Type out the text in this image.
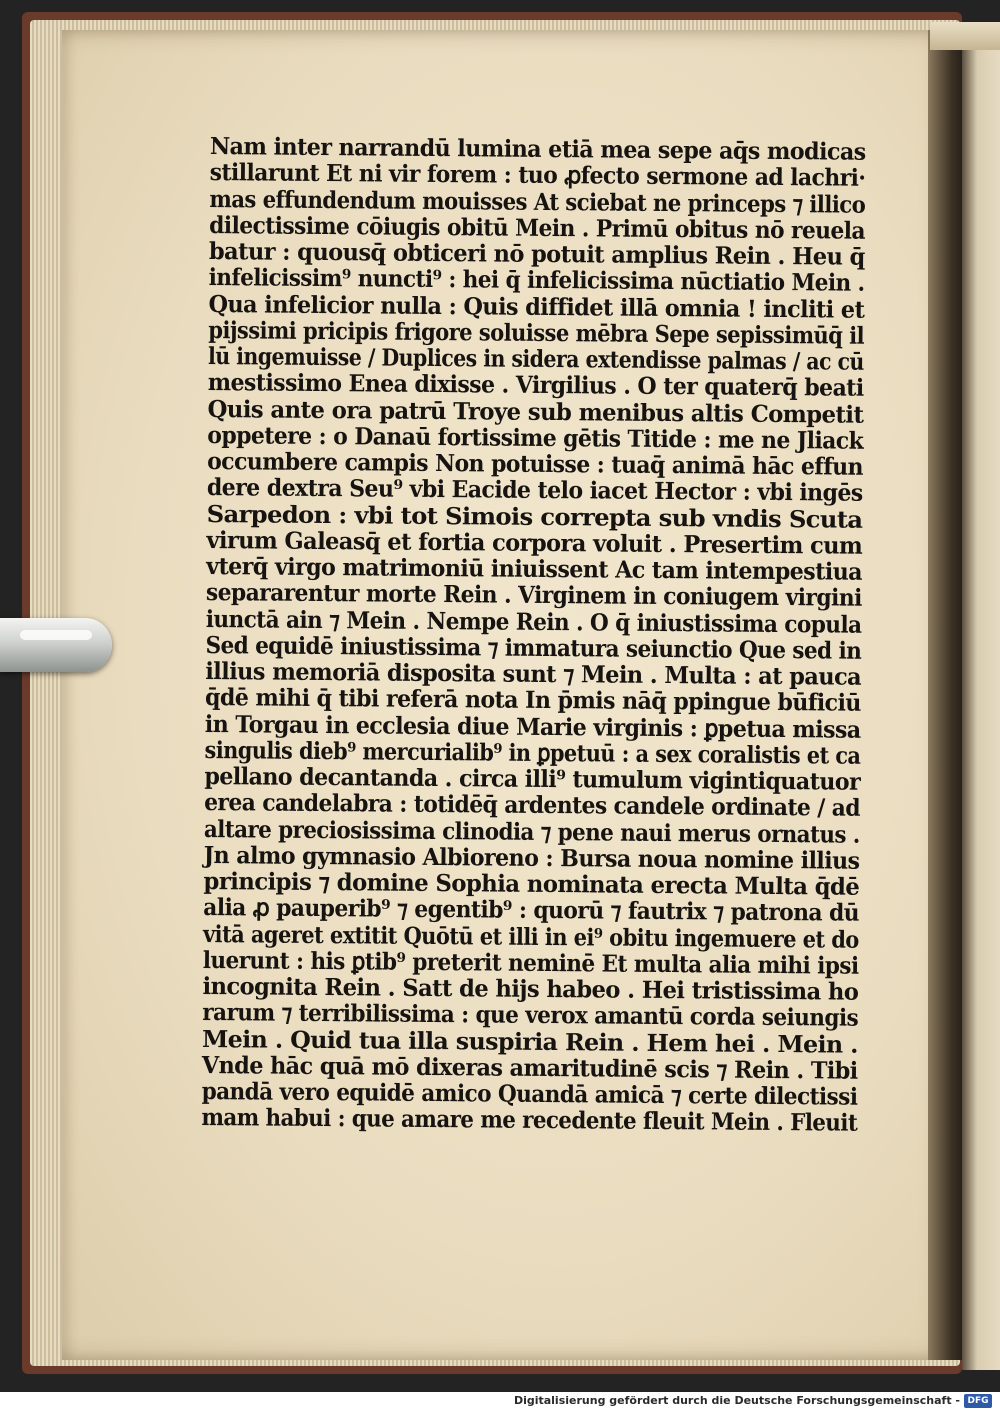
Nam inter narrandū lumina etiā mea sepe aq̄s modicas
stillarunt Et ni vir forem : tuo ꝓfecto sermone ad lachri·
mas effundendum mouisses At sciebat ne princeps ⁊ illico
dilectissime cōiugis obitū Mein . Primū obitus nō reuela
batur : quousq̄ obticeri nō potuit amplius Rein . Heu q̄
infelicissim⁹ nuncti⁹ : hei q̄ infelicissima nūctiatio Mein .
Qua infelicior nulla : Quis diffidet illā omnia ! incliti et
pijssimi pricipis frigore soluisse mēbra Sepe sepissimūq̄ il
lū ingemuisse / Duplices in sidera extendisse palmas / ac cū
mestissimo Enea dixisse . Virgilius . O ter quaterq̄ beati
Quis ante ora patrū Troye sub menibus altis Competit
oppetere : o Danaū fortissime gētis Titide : me ne Jliack
occumbere campis Non potuisse : tuaq̄ animā hāc effun
dere dextra Seu⁹ vbi Eacide telo iacet Hector : vbi ingēs
Sarpedon : vbi tot Simois correpta sub vndis Scuta
virum Galeasq̄ et fortia corpora voluit . Presertim cum
vterq̄ virgo matrimoniū iniuissent Ac tam intempestiua
separarentur morte Rein . Virginem in coniugem virgini
iunctā ain ⁊ Mein . Nempe Rein . O q̄ iniustissima copula
Sed equidē iniustissima ⁊ immatura seiunctio Que sed in
illius memoriā disposita sunt ⁊ Mein . Multa : at pauca
q̄dē mihi q̄ tibi referā nota In p̄mis nāq̄ ppingue būficiū
in Torgau in ecclesia diue Marie virginis : ꝑpetua missa
singulis dieb⁹ mercurialib⁹ in ꝑpetuū : a sex coralistis et ca
pellano decantanda . circa illi⁹ tumulum vigintiquatuor
erea candelabra : totidēq̄ ardentes candele ordinate / ad
altare preciosissima clinodia ⁊ pene naui merus ornatus .
Jn almo gymnasio Albioreno : Bursa noua nomine illius
principis ⁊ domine Sophia nominata erecta Multa q̄dē
alia ꝓ pauperib⁹ ⁊ egentib⁹ : quorū ⁊ fautrix ⁊ patrona dū
vitā ageret extitit Quōtū et illi in ei⁹ obitu ingemuere et do
luerunt : his ꝑtib⁹ preterit neminē Et multa alia mihi ipsi
incognita Rein . Satt de hijs habeo . Hei tristissima ho
rarum ⁊ terribilissima : que verox amantū corda seiungis
Mein . Quid tua illa suspiria Rein . Hem hei . Mein .
Vnde hāc quā mō dixeras amaritudinē scis ⁊ Rein . Tibi
pandā vero equidē amico Quandā amicā ⁊ certe dilectissi
mam habui : que amare me recedente fleuit Mein . Fleuit
Digitalisierung gefördert durch die Deutsche Forschungsgemeinschaft - DFG
